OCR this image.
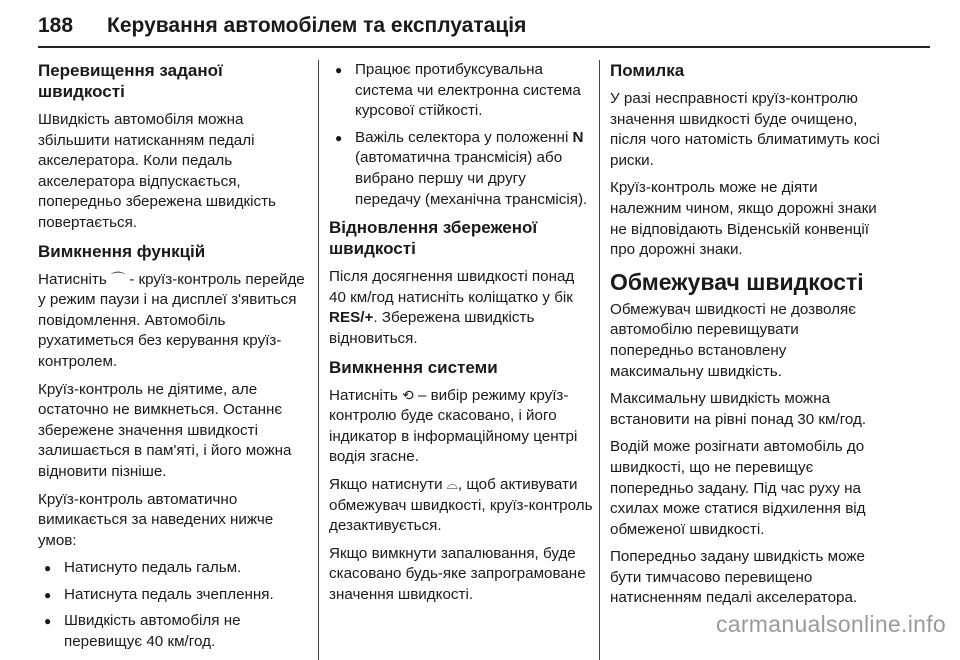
188 Керування автомобілем та експлуатація
Перевищення заданої швидкості

Швидкість автомобіля можна збільшити натисканням педалі акселератора. Коли педаль акселератора відпускається, попередньо збережена швидкість повертається.

Вимкнення функцій

Натисніть ⌒ - круїз-контроль перейде у режим паузи і на дисплеї з'явиться повідомлення. Автомобіль рухатиметься без керування круїз-контролем.

Круїз-контроль не діятиме, але остаточно не вимкнеться. Останнє збережене значення швидкості залишається в пам'яті, і його можна відновити пізніше.

Круїз-контроль автоматично вимикається за наведених нижче умов:

● Натиснуто педаль гальм.
● Натиснута педаль зчеплення.
● Швидкість автомобіля не перевищує 40 км/год.
● Працює протибуксувальна система чи електронна система курсової стійкості.
● Важіль селектора у положенні N (автоматична трансмісія) або вибрано першу чи другу передачу (механічна трансмісія).
Відновлення збереженої швидкості

Після досягнення швидкості понад 40 км/год натисніть коліщатко у бік RES/+. Збережена швидкість відновиться.

Вимкнення системи

Натисніть ⟲ – вибір режиму круїз-контролю буде скасовано, і його індикатор в інформаційному центрі водія згасне.

Якщо натиснути ⌓, щоб активувати обмежувач швидкості, круїз-контроль дезактивується.

Якщо вимкнути запалювання, буде скасовано будь-яке запрограмоване значення швидкості.

Помилка

У разі несправності круїз-контролю значення швидкості буде очищено, після чого натомість блиматимуть косі риски.

Круїз-контроль може не діяти належним чином, якщо дорожні знаки не відповідають Віденській конвенції про дорожні знаки.

Обмежувач швидкості

Обмежувач швидкості не дозволяє автомобілю перевищувати попередньо встановлену максимальну швидкість.

Максимальну швидкість можна встановити на рівні понад 30 км/год.

Водій може розігнати автомобіль до швидкості, що не перевищує попередньо задану. Під час руху на схилах може статися відхилення від обмеженої швидкості.

Попередньо задану швидкість може бути тимчасово перевищено натисненням педалі акселератора.

carmanualsonline.info
